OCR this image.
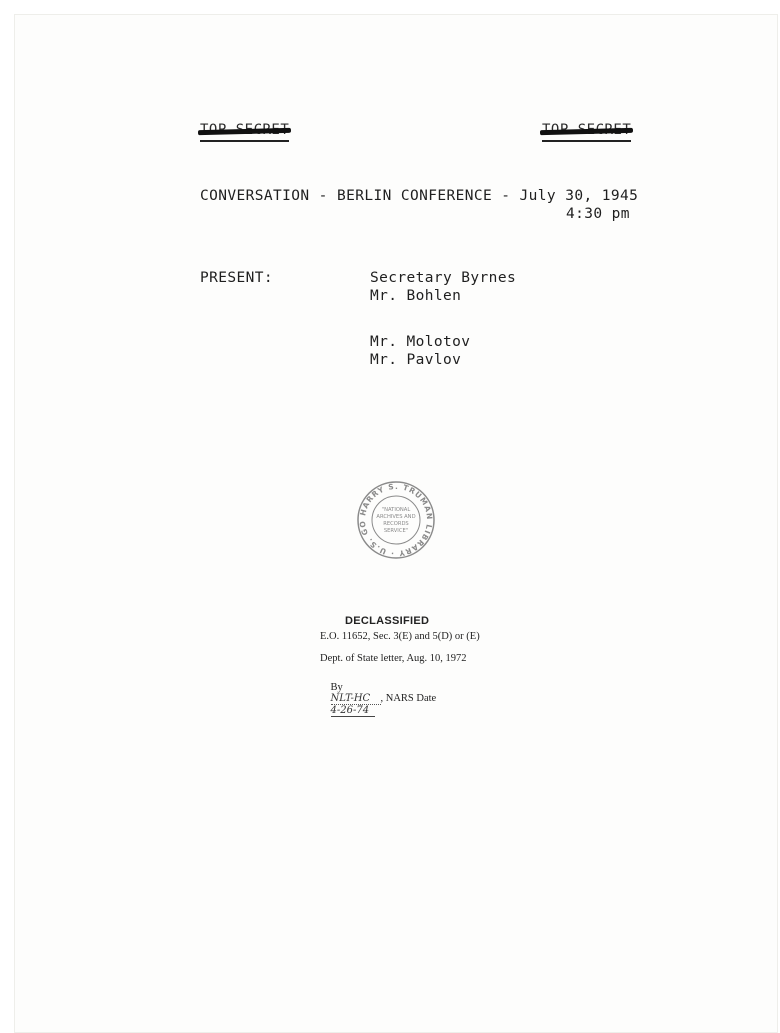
CONVERSATION - BERLIN CONFERENCE - July 30, 1945
4:30 pm
PRESENT:	Secretary Byrnes
Mr. Bohlen
Mr. Molotov
Mr. Pavlov
HARRY S. TRUMAN LIBRARY · U.S. GO
"NATIONAL
ARCHIVES AND
RECORDS
SERVICE"
DECLASSIFIED
E.O. 11652, Sec. 3(E) and 5(D) or (E)
Dept. of State letter, Aug. 10, 1972

By
NLT-HC , NARS Date
4-26-74
